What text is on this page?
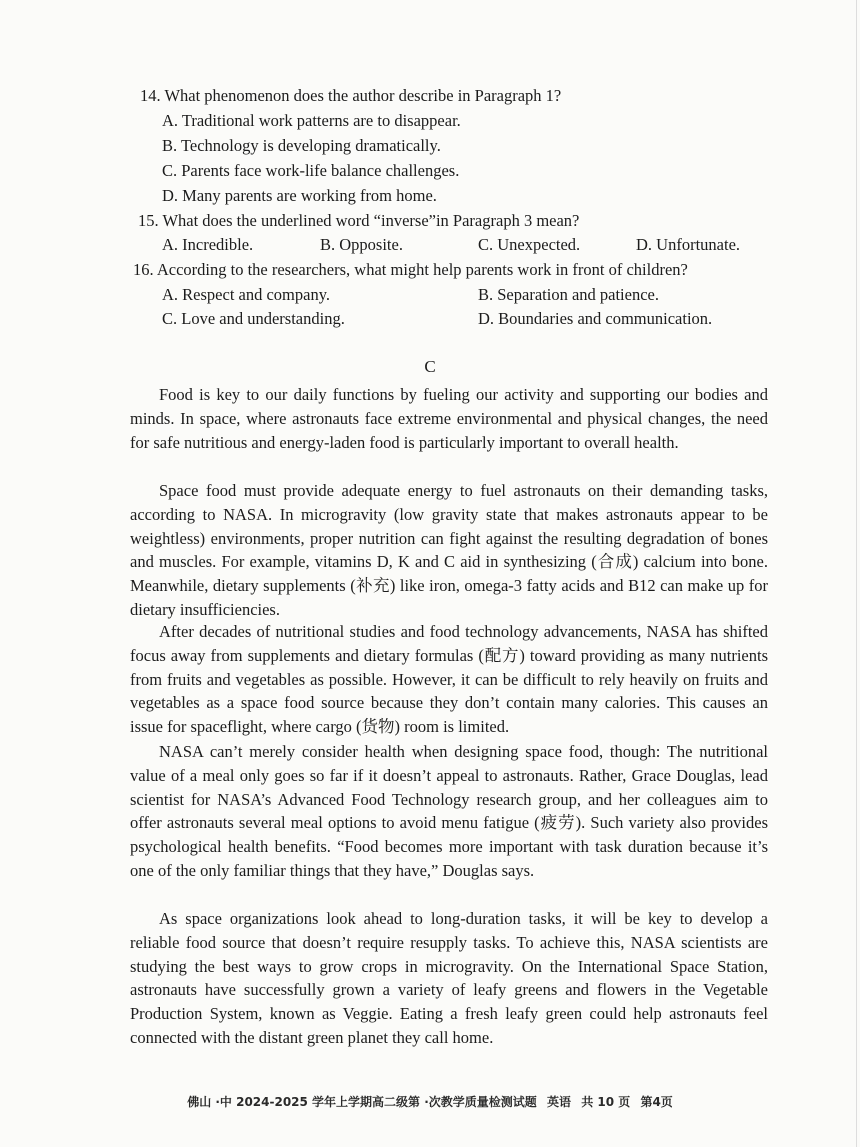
14. What phenomenon does the author describe in Paragraph 1?
A. Traditional work patterns are to disappear.
B. Technology is developing dramatically.
C. Parents face work-life balance challenges.
D. Many parents are working from home.
15. What does the underlined word “inverse”in Paragraph 3 mean?
A. Incredible.	B. Opposite.	C. Unexpected.	D. Unfortunate.
16. According to the researchers, what might help parents work in front of children?
A. Respect and company.	B. Separation and patience.
C. Love and understanding.	D. Boundaries and communication.
C
Food is key to our daily functions by fueling our activity and supporting our bodies and minds. In space, where astronauts face extreme environmental and physical changes, the need for safe nutritious and energy-laden food is particularly important to overall health.
Space food must provide adequate energy to fuel astronauts on their demanding tasks, according to NASA. In microgravity (low gravity state that makes astronauts appear to be weightless) environments, proper nutrition can fight against the resulting degradation of bones and muscles. For example, vitamins D, K and C aid in synthesizing (合成) calcium into bone. Meanwhile, dietary supplements (补充) like iron, omega-3 fatty acids and B12 can make up for dietary insufficiencies.
After decades of nutritional studies and food technology advancements, NASA has shifted focus away from supplements and dietary formulas (配方) toward providing as many nutrients from fruits and vegetables as possible. However, it can be difficult to rely heavily on fruits and vegetables as a space food source because they don’t contain many calories. This causes an issue for spaceflight, where cargo (货物) room is limited.
NASA can’t merely consider health when designing space food, though: The nutritional value of a meal only goes so far if it doesn’t appeal to astronauts. Rather, Grace Douglas, lead scientist for NASA’s Advanced Food Technology research group, and her colleagues aim to offer astronauts several meal options to avoid menu fatigue (疲劳). Such variety also provides psychological health benefits. “Food becomes more important with task duration because it’s one of the only familiar things that they have,” Douglas says.
As space organizations look ahead to long-duration tasks, it will be key to develop a reliable food source that doesn’t require resupply tasks. To achieve this, NASA scientists are studying the best ways to grow crops in microgravity. On the International Space Station, astronauts have successfully grown a variety of leafy greens and flowers in the Vegetable Production System, known as Veggie. Eating a fresh leafy green could help astronauts feel connected with the distant green planet they call home.
佛山 ·中 2024-2025 学年上学期高二级第 ·次教学质量检测试题 英语 共 10 页 第4页
